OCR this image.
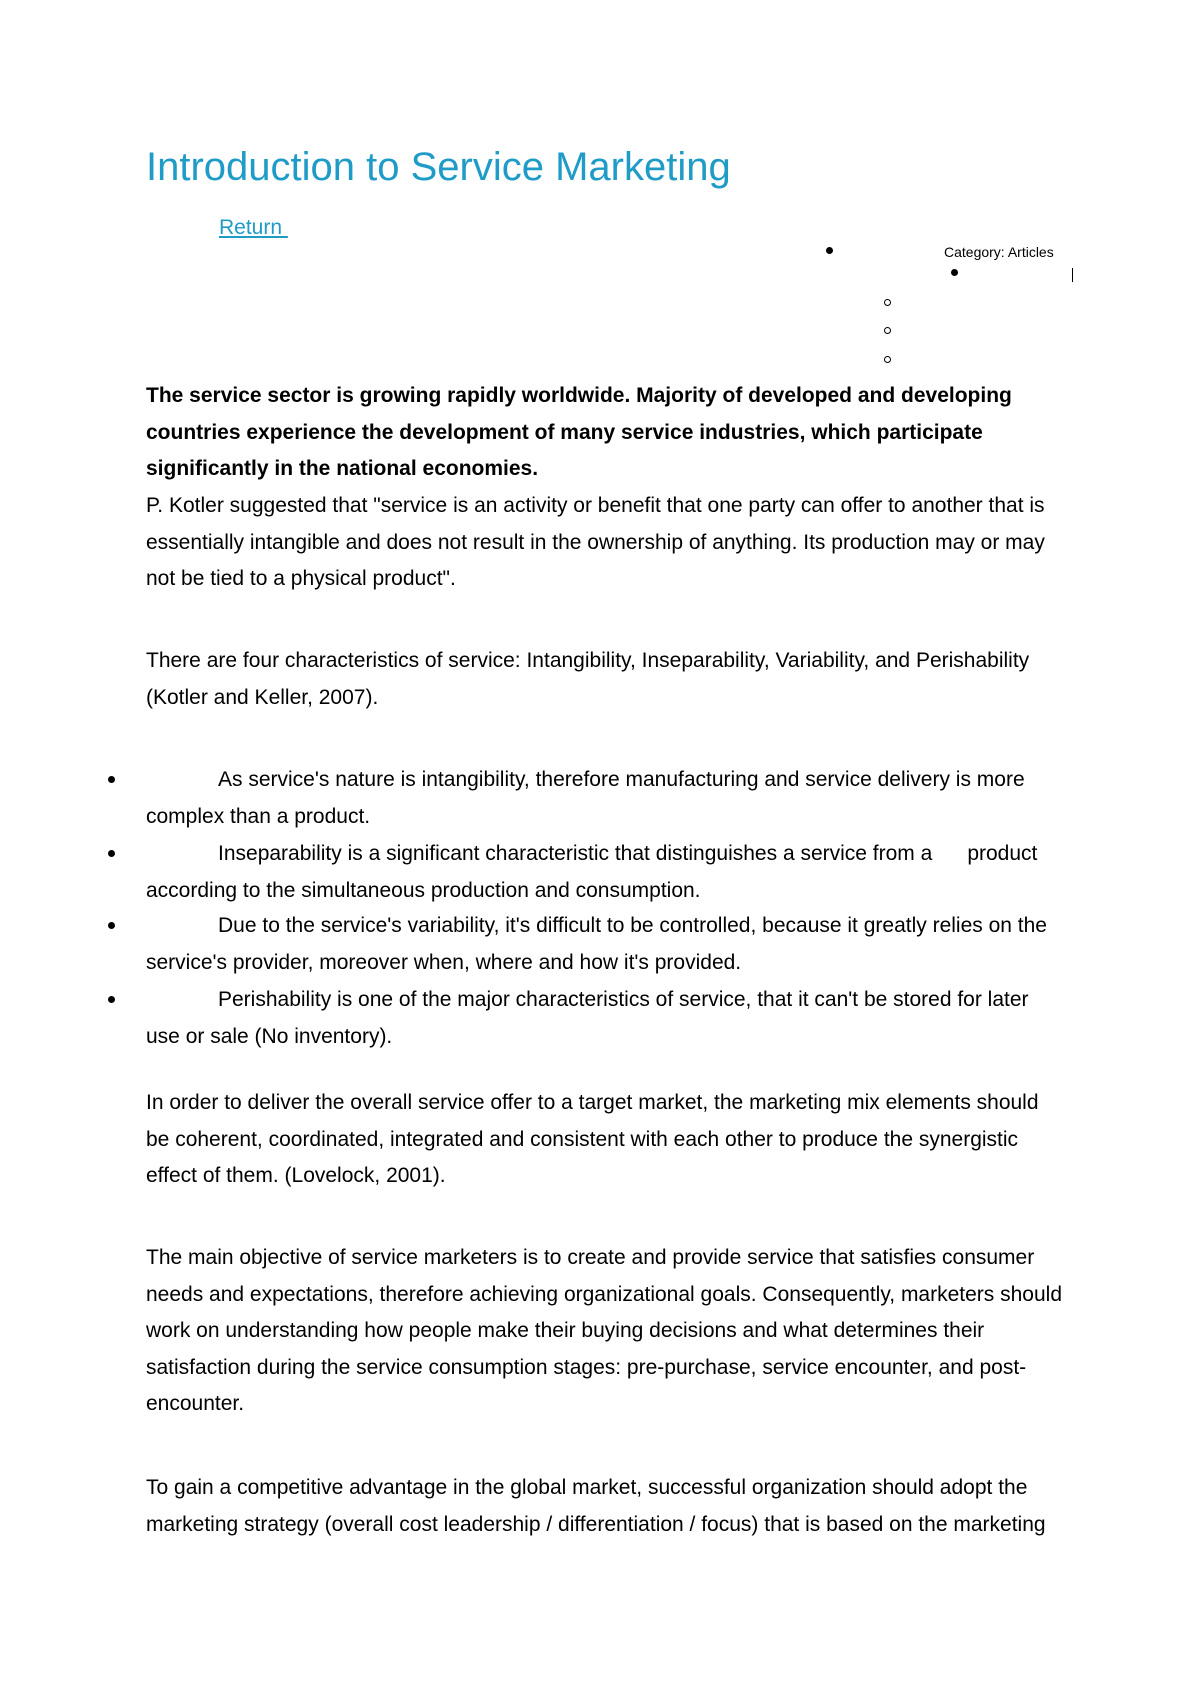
Introduction to Service Marketing
Return
Category: Articles

The service sector is growing rapidly worldwide. Majority of developed and developing countries experience the development of many service industries, which participate significantly in the national economies.

P. Kotler suggested that "service is an activity or benefit that one party can offer to another that is essentially intangible and does not result in the ownership of anything. Its production may or may not be tied to a physical product".

There are four characteristics of service: Intangibility, Inseparability, Variability, and Perishability (Kotler and Keller, 2007).

As service's nature is intangibility, therefore manufacturing and service delivery is more complex than a product.

Inseparability is a significant characteristic that distinguishes a service from a      product according to the simultaneous production and consumption.

Due to the service's variability, it's difficult to be controlled, because it greatly relies on the service's provider, moreover when, where and how it's provided.

Perishability is one of the major characteristics of service, that it can't be stored for later use or sale (No inventory).

In order to deliver the overall service offer to a target market, the marketing mix elements should be coherent, coordinated, integrated and consistent with each other to produce the synergistic effect of them. (Lovelock, 2001).

The main objective of service marketers is to create and provide service that satisfies consumer needs and expectations, therefore achieving organizational goals. Consequently, marketers should work on understanding how people make their buying decisions and what determines their satisfaction during the service consumption stages: pre-purchase, service encounter, and post-encounter.

To gain a competitive advantage in the global market, successful organization should adopt the marketing strategy (overall cost leadership / differentiation / focus) that is based on the marketing
